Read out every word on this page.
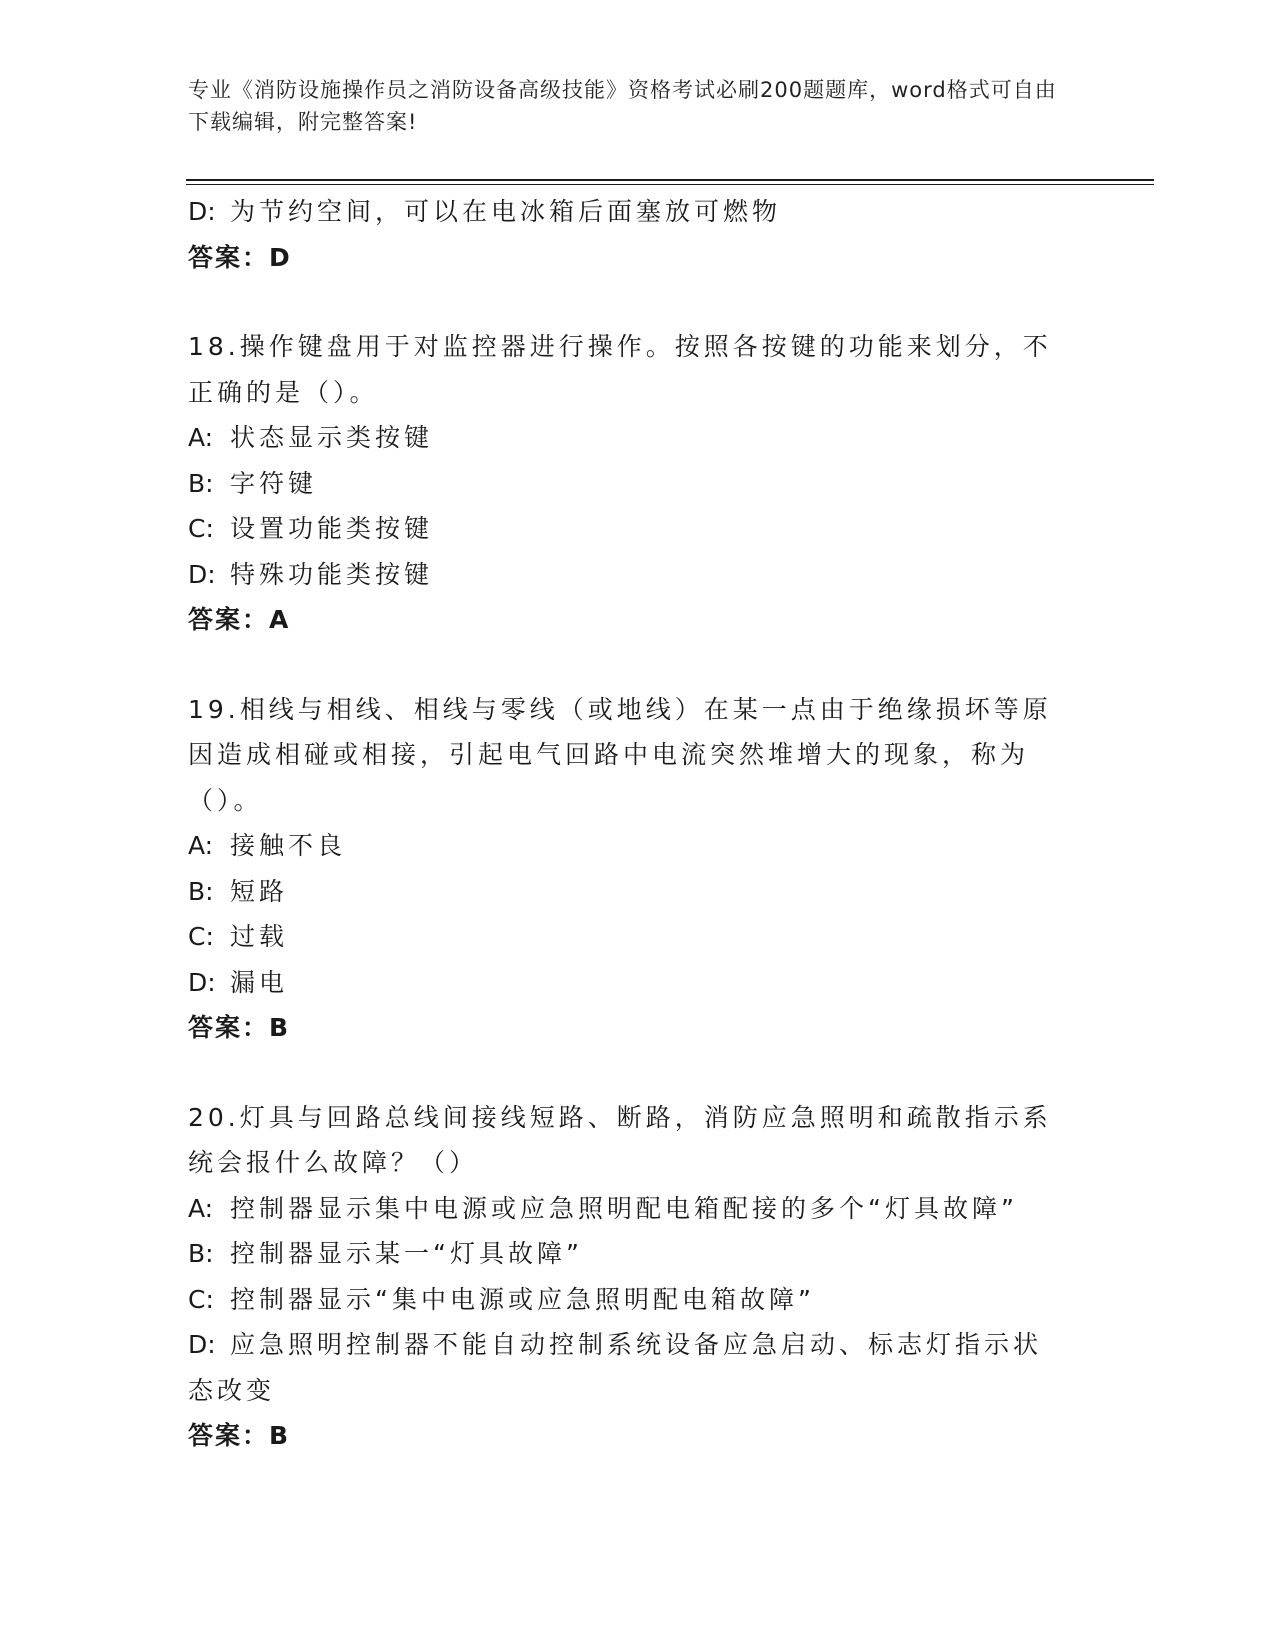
专业《消防设施操作员之消防设备高级技能》资格考试必刷200题题库，word格式可自由下载编辑，附完整答案!
D: 为节约空间，可以在电冰箱后面塞放可燃物
答案：D
18.操作键盘用于对监控器进行操作。按照各按键的功能来划分，不正确的是（）。
A: 状态显示类按键
B: 字符键
C: 设置功能类按键
D: 特殊功能类按键
答案：A
19.相线与相线、相线与零线（或地线）在某一点由于绝缘损坏等原因造成相碰或相接，引起电气回路中电流突然堆增大的现象，称为（）。
A: 接触不良
B: 短路
C: 过载
D: 漏电
答案：B
20.灯具与回路总线间接线短路、断路，消防应急照明和疏散指示系统会报什么故障？（）
A: 控制器显示集中电源或应急照明配电箱配接的多个“灯具故障”
B: 控制器显示某一“灯具故障”
C: 控制器显示“集中电源或应急照明配电箱故障”
D: 应急照明控制器不能自动控制系统设备应急启动、标志灯指示状态改变
答案：B
